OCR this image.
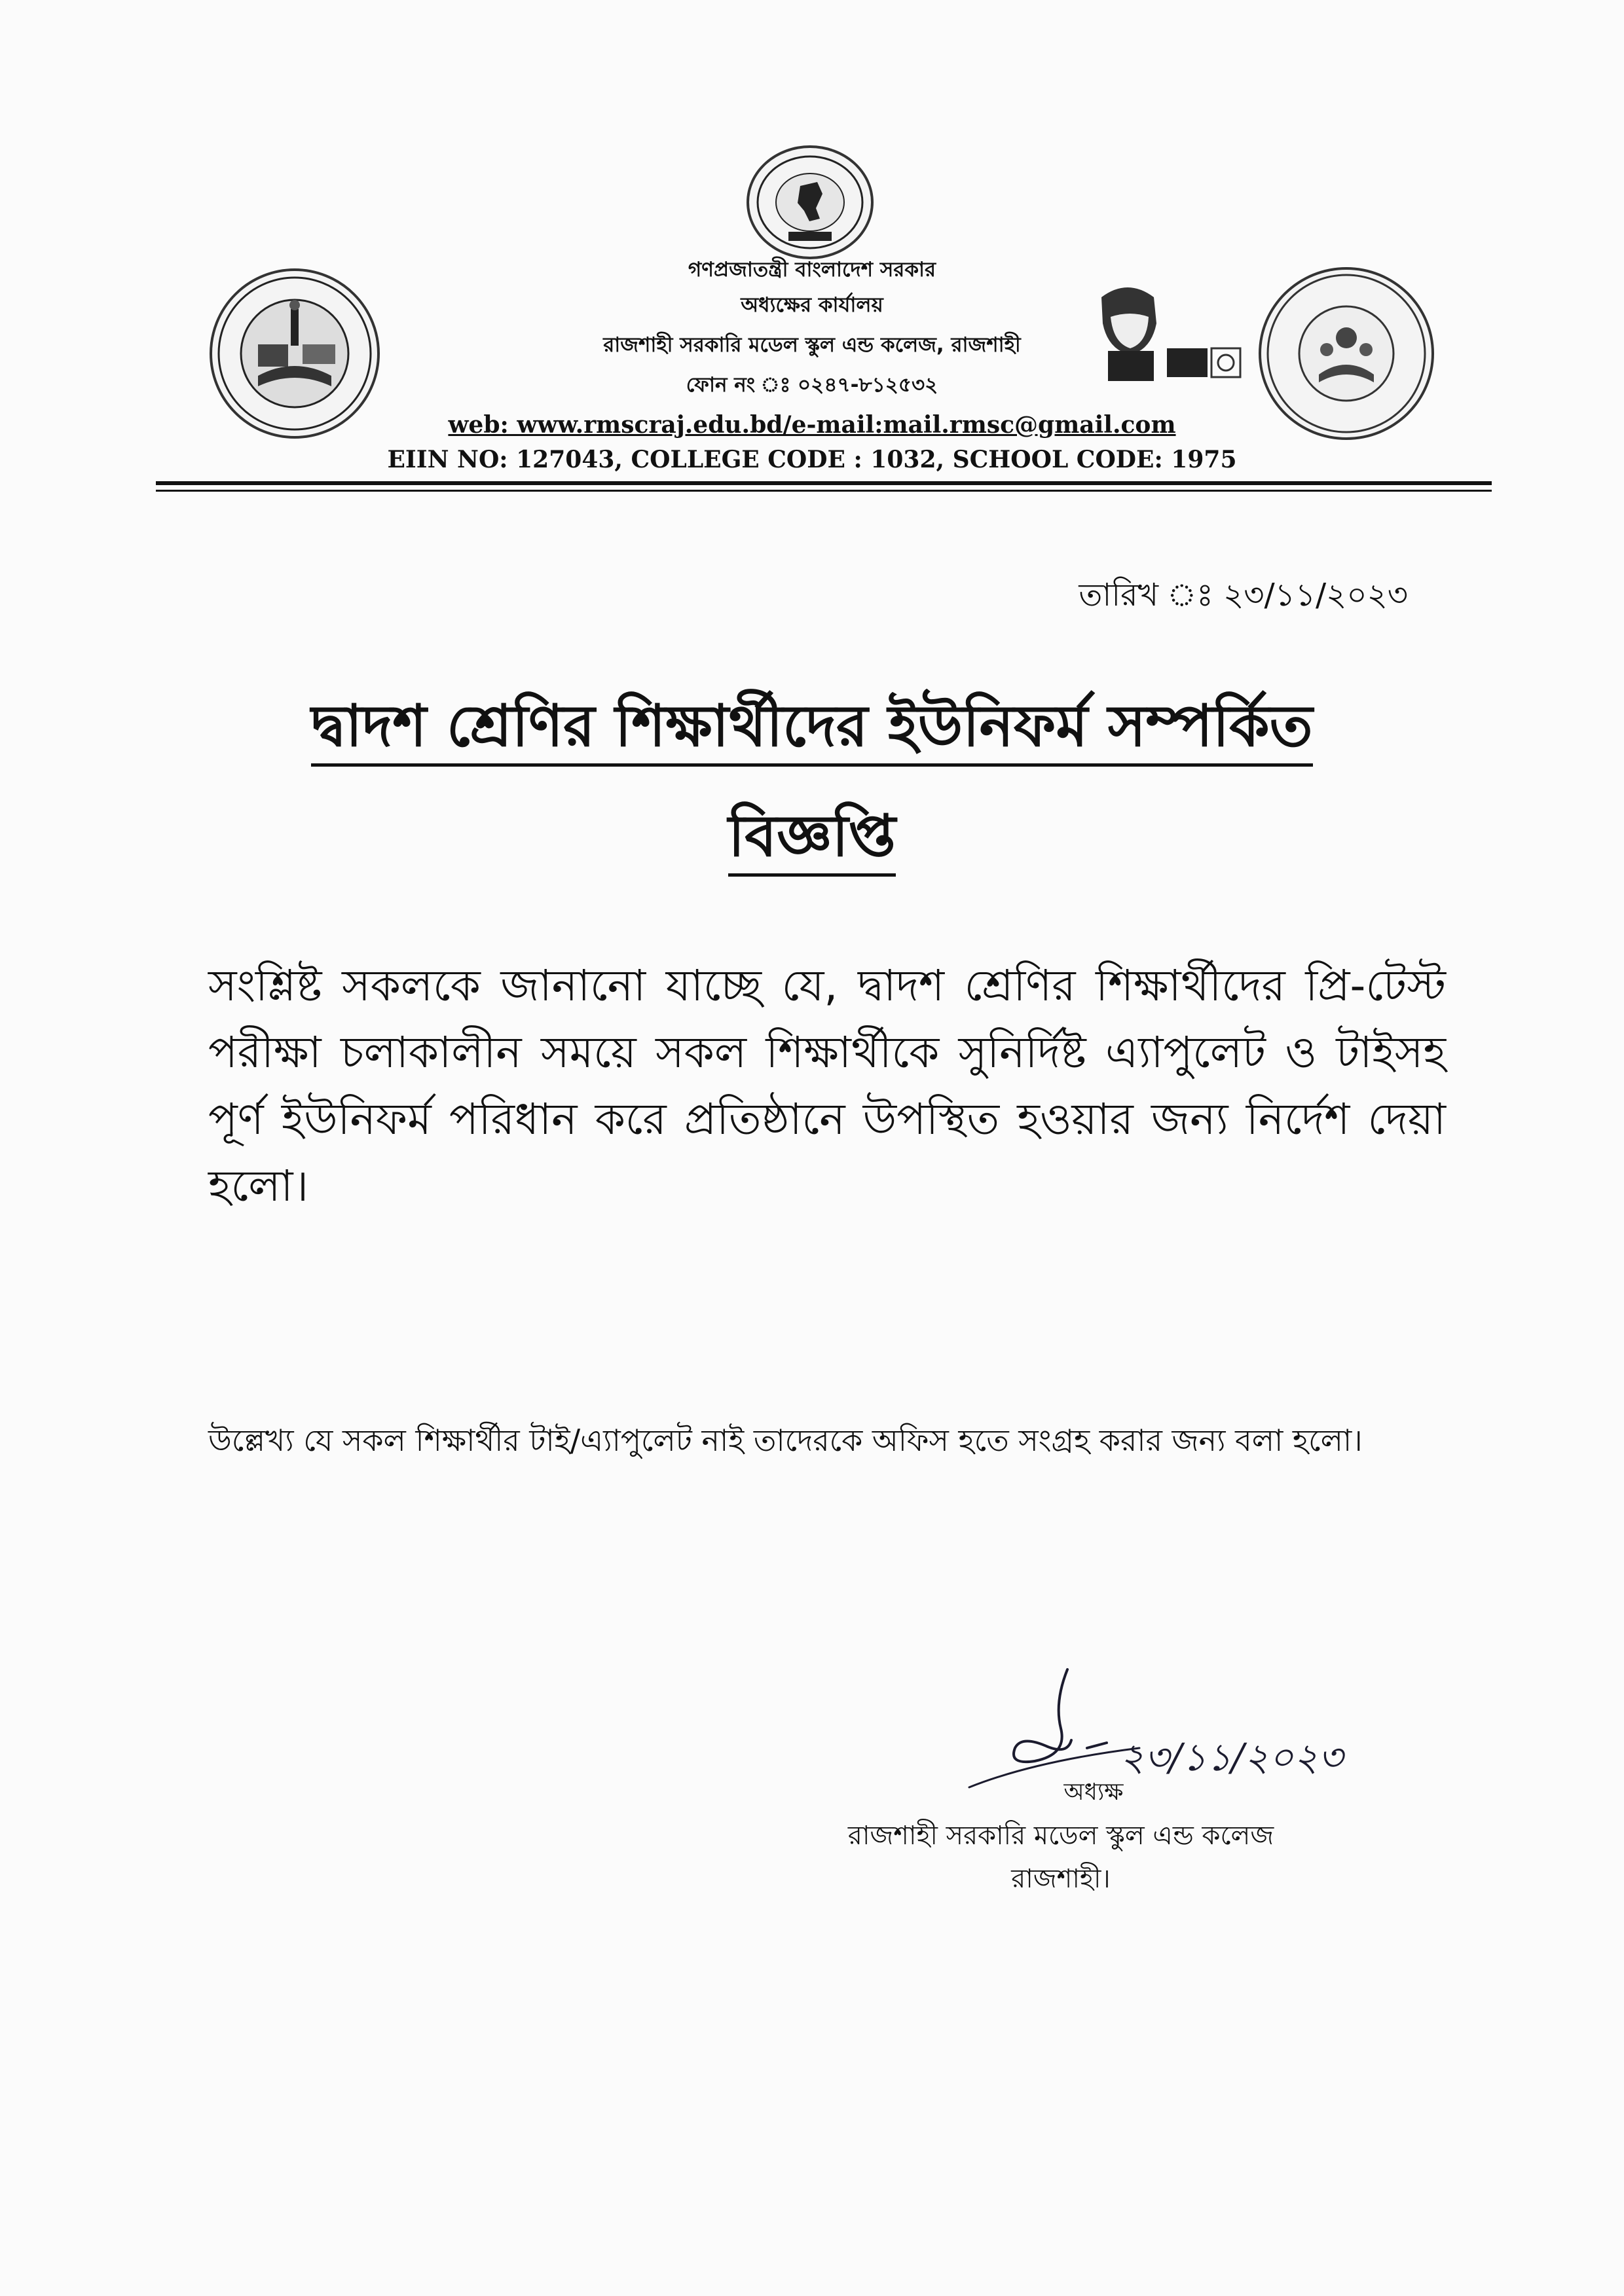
গণপ্রজাতন্ত্রী বাংলাদেশ সরকার
অধ্যক্ষের কার্যালয়
রাজশাহী সরকারি মডেল স্কুল এন্ড কলেজ, রাজশাহী
ফোন নং ঃ ০২৪৭-৮১২৫৩২
web: www.rmscraj.edu.bd/e-mail:mail.rmsc@gmail.com
EIIN NO: 127043, COLLEGE CODE : 1032, SCHOOL CODE: 1975
তারিখ ঃ ২৩/১১/২০২৩
দ্বাদশ শ্রেণির শিক্ষার্থীদের ইউনিফর্ম সম্পর্কিত
বিজ্ঞপ্তি
সংশ্লিষ্ট সকলকে জানানো যাচ্ছে যে, দ্বাদশ শ্রেণির শিক্ষার্থীদের প্রি-টেস্ট পরীক্ষা চলাকালীন সময়ে সকল শিক্ষার্থীকে সুনির্দিষ্ট এ্যাপুলেট ও টাইসহ পূর্ণ ইউনিফর্ম পরিধান করে প্রতিষ্ঠানে উপস্থিত হওয়ার জন্য নির্দেশ দেয়া হলো।
উল্লেখ্য যে সকল শিক্ষার্থীর টাই/এ্যাপুলেট নাই তাদেরকে অফিস হতে সংগ্রহ করার জন্য বলা হলো।
২৩/১১/২০২৩
অধ্যক্ষ
রাজশাহী সরকারি মডেল স্কুল এন্ড কলেজ
রাজশাহী।
